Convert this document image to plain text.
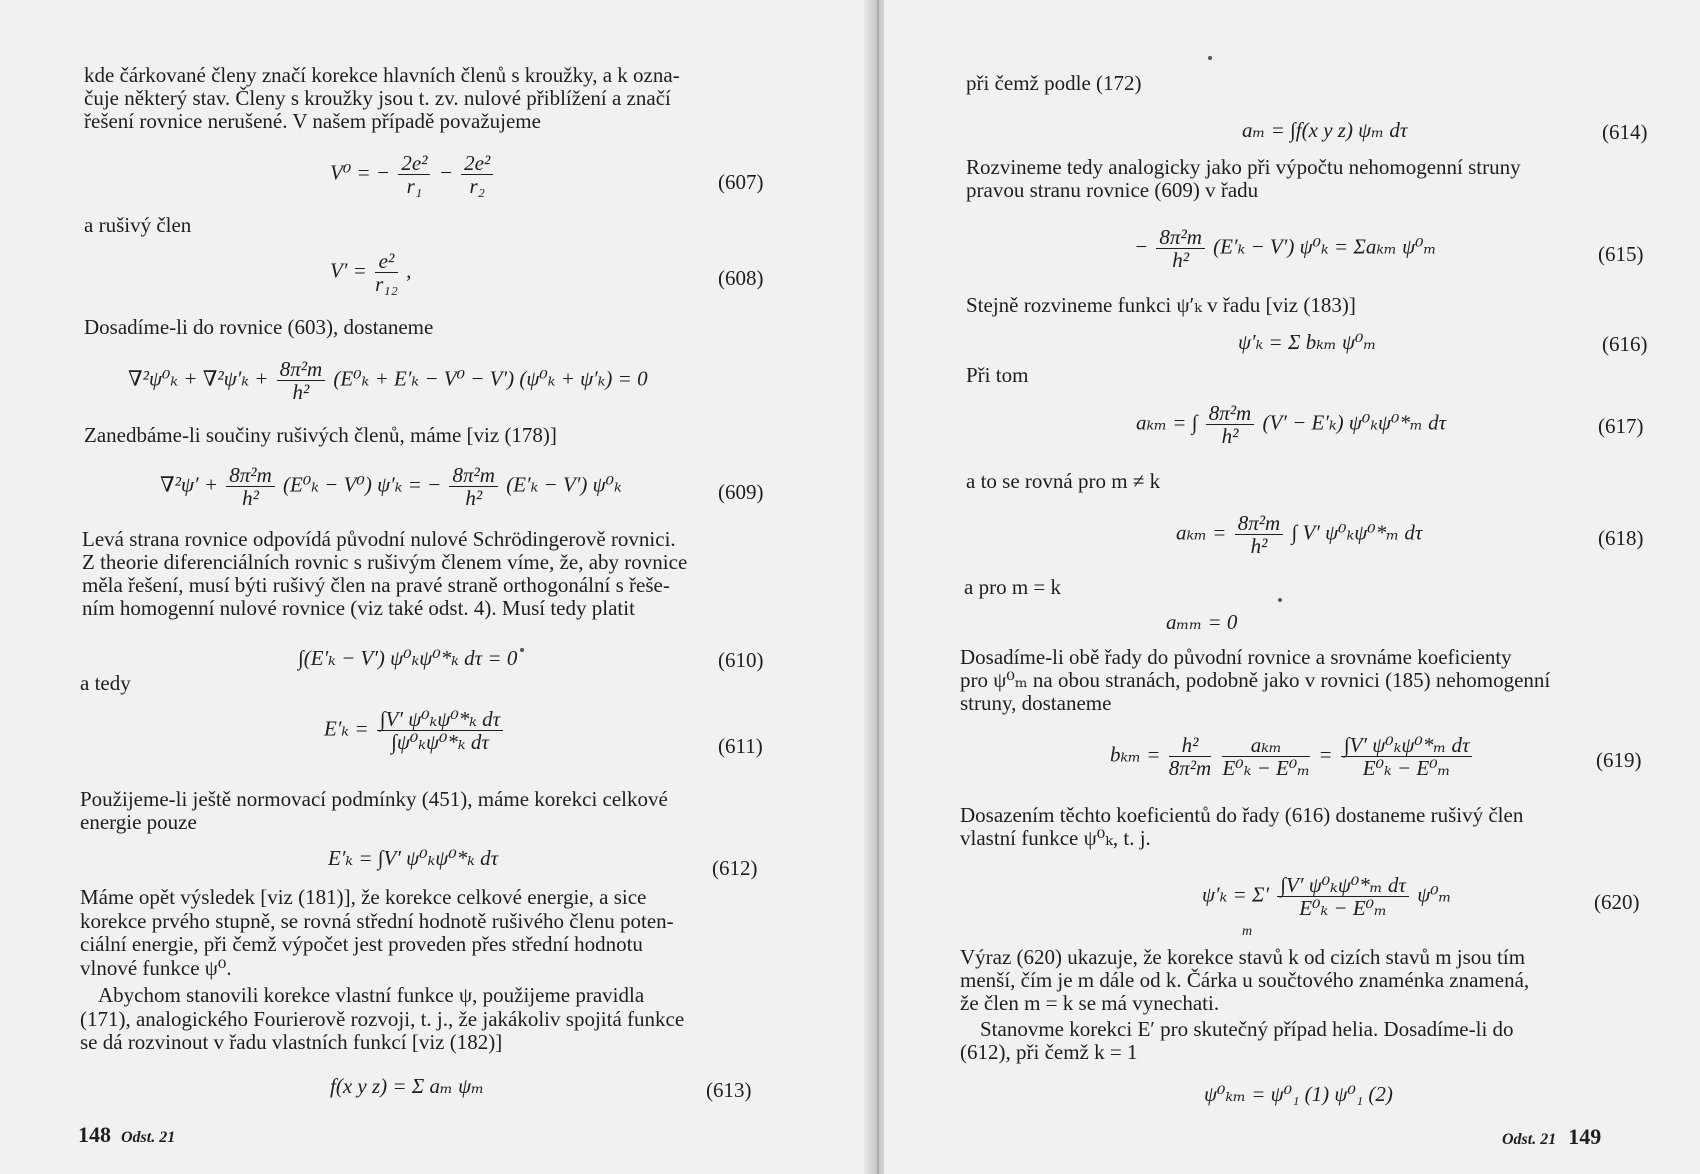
kde čárkované členy značí korekce hlavních členů s kroužky, a k ozna-
čuje některý stav. Členy s kroužky jsou t. zv. nulové přiblížení a značí
řešení rovnice nerušené. V našem případě považujeme
V⁰ = − $\frac{\text{2e²}}{\text{r₁}} - \frac{\text{2e²}}{\text{r₂}}$	(607)
a rušivý člen
$V' = \frac{\text{e²}}{\text{r₁₂}}$ ,	(608)
Dosadíme-li do rovnice (603), dostaneme
$\nabla^2\psi^0_k + \nabla^2\psi'_k + \frac{\text{8π²m}}{\text{h²}} (E^0_k + E'_k - V^0 - V') (\psi^0_k + \psi'_k) = 0$
Zanedbáme-li součiny rušivých členů, máme [viz (178)]
$\nabla^2\psi' + \frac{\text{8π²m}}{\text{h²}} (E^0_k - V^0) \psi'_k$ = − $\frac{\text{8π²m}}{\text{h²}} (E'_k - V')$ ψ⁰ₖ	(609)
Levá strana rovnice odpovídá původní nulové Schrödingerově rovnici.
Z theorie diferenciálních rovnic s rušivým členem víme, že, aby rovnice
měla řešení, musí býti rušivý člen na pravé straně orthogonální s řeše-
ním homogenní nulové rovnice (viz také odst. 4). Musí tedy platit
∫(E′ₖ − V′) ψ⁰ₖψ⁰*ₖ dτ = 0	(610)
a tedy
$E'_k = \frac{\text{∫V′ ψ⁰ₖψ⁰*ₖ dτ}}{\text{∫ψ⁰ₖψ⁰*ₖ dτ}}$	(611)
Použijeme-li ještě normovací podmínky (451), máme korekci celkové
energie pouze
E′ₖ = ∫V′ ψ⁰ₖψ⁰*ₖ dτ	(612)
Máme opět výsledek [viz (181)], že korekce celkové energie, a sice
korekce prvého stupně, se rovná střední hodnotě rušivého členu poten-
ciální energie, při čemž výpočet jest proveden přes střední hodnotu
vlnové funkce ψ⁰.
Abychom stanovili korekce vlastní funkce ψ, použijeme pravidla
(171), analogického Fourierově rozvoji, t. j., že jakákoliv spojitá funkce
se dá rozvinout v řadu vlastních funkcí [viz (182)]
f(x y z) = Σ aₘ ψₘ	(613)
148 Odst. 21
při čemž podle (172)
aₘ = ∫f(x y z) ψₘ dτ	(614)
Rozvineme tedy analogicky jako při výpočtu nehomogenní struny
pravou stranu rovnice (609) v řadu
− $\frac{\text{8π²m}}{\text{h²}} (E'_k - V') \psi^0_k = \Sigma a_{km}$ ψ⁰ₘ	(615)
Stejně rozvineme funkci ψ′ₖ v řadu [viz (183)]
ψ′ₖ = Σ bₖₘ ψ⁰ₘ	(616)
Při tom
aₖₘ = ∫ $\frac{\text{8π²m}}{\text{h²}} (V' - E'_k)$ ψ⁰ₖψ⁰*ₘ dτ	(617)
a to se rovná pro m ≠ k
$a_{km} = \frac{\text{8π²m}}{\text{h²}}$ ∫ V′ ψ⁰ₖψ⁰*ₘ dτ	(618)
a pro m = k
aₘₘ = 0
Dosadíme-li obě řady do původní rovnice a srovnáme koeficienty
pro ψ⁰ₘ na obou stranách, podobně jako v rovnici (185) nehomogenní
struny, dostaneme
$b_{km} = \frac{\text{h²}}{\text{8π²m}}$
$\frac{\text{aₖₘ}}{\text{E⁰ₖ − E⁰ₘ}} = \frac{\text{∫V′ ψ⁰ₖψ⁰*ₘ dτ}}{\text{E⁰ₖ − E⁰ₘ}}$	(619)
Dosazením těchto koeficientů do řady (616) dostaneme rušivý člen
vlastní funkce ψ⁰ₖ, t. j.
$\psi'_k = \Sigma' \frac{\text{∫V′ ψ⁰ₖψ⁰*ₘ dτ}}{\text{E⁰ₖ − E⁰ₘ}} \psi^0_m$
m
(620)
Výraz (620) ukazuje, že korekce stavů k od cizích stavů m jsou tím
menší, čím je m dále od k. Čárka u součtového znaménka znamená,
že člen m = k se má vynechati.
Stanovme korekci E′ pro skutečný případ helia. Dosadíme-li do
(612), při čemž k = 1
ψ⁰ₖₘ = ψ⁰₁ (1) ψ⁰₁ (2)
Odst. 21 149
